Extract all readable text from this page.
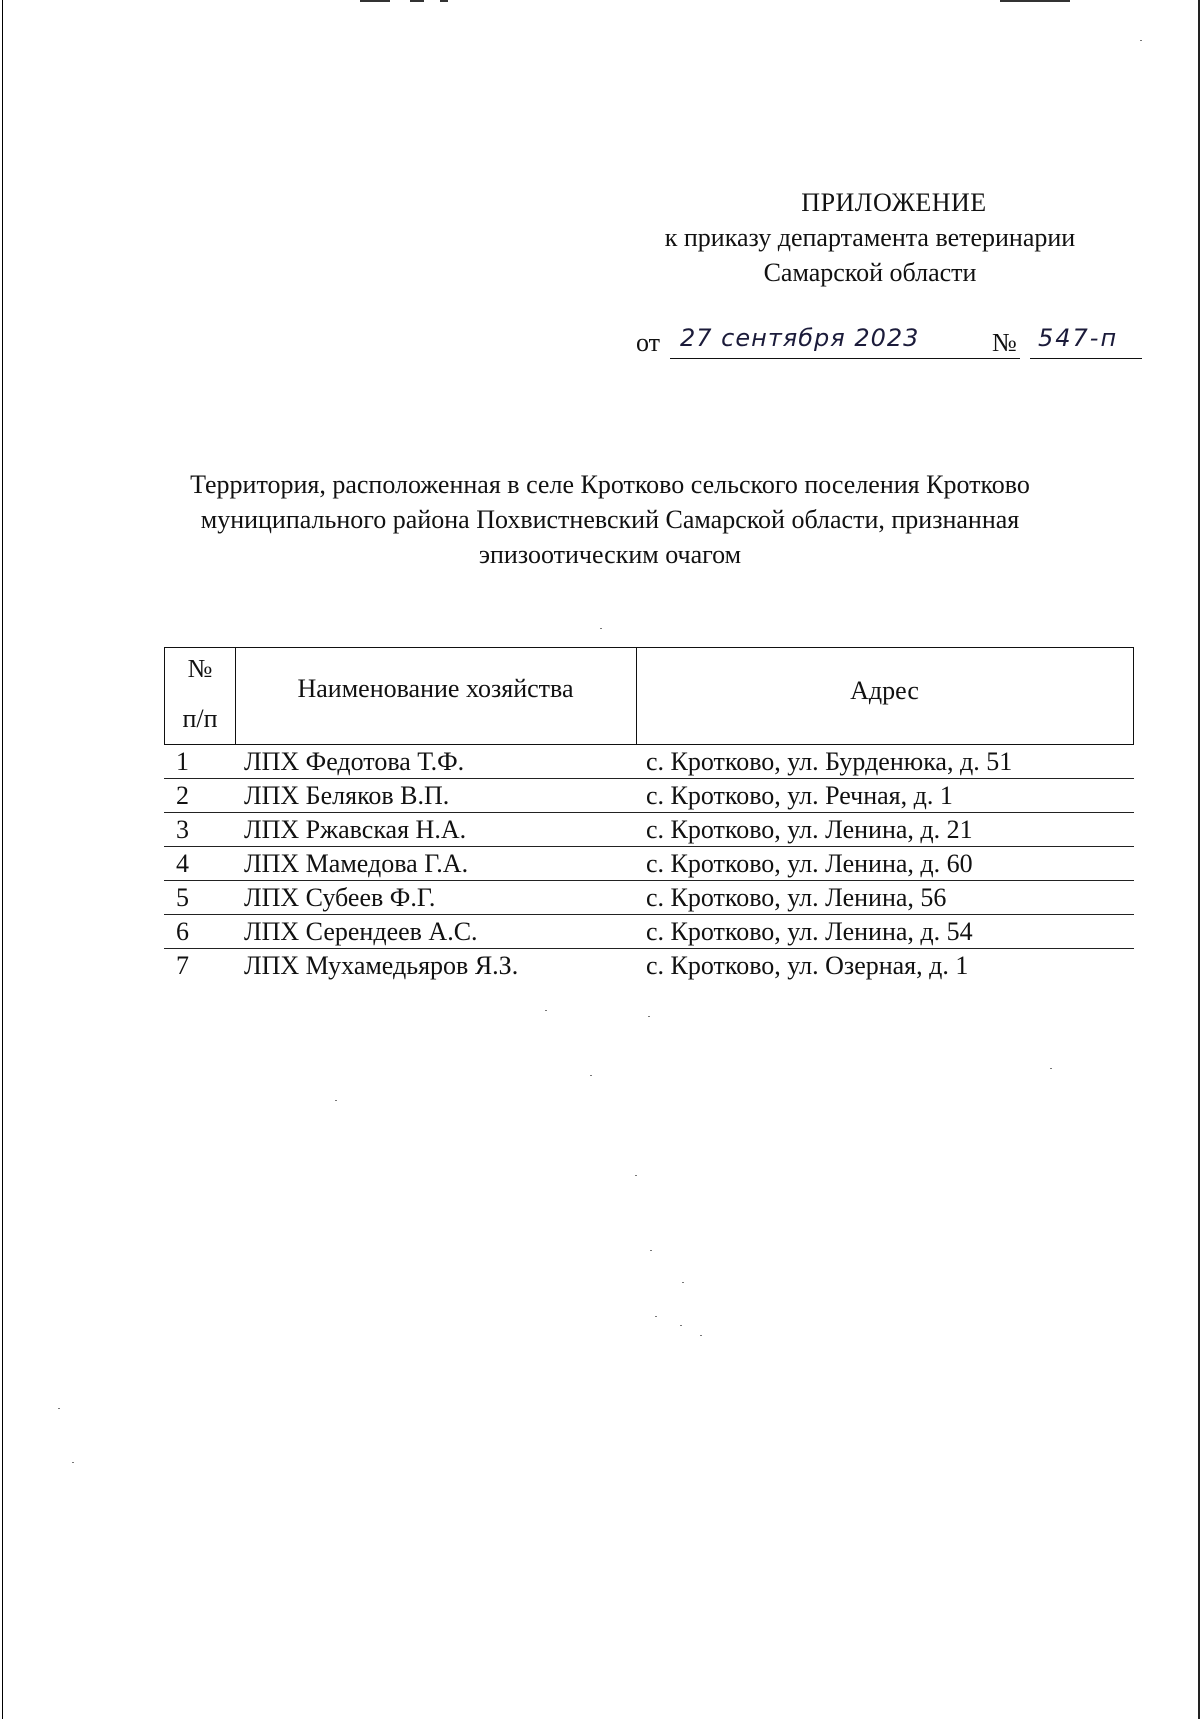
ПРИЛОЖЕНИЕ
к приказу департамента ветеринарии
Самарской области
от 27 сентября 2023	№ 547-п
Территория, расположенная в селе Кротково сельского поселения Кротково
муниципального района Похвистневский Самарской области, признанная
эпизоотическим очагом
№
п/п
Наименование хозяйства	Адрес
1 ЛПХ Федотова Т.Ф.	с. Кротково, ул. Бурденюка, д. 51
2 ЛПХ Беляков В.П.	с. Кротково, ул. Речная, д. 1
3 ЛПХ Ржавская Н.А.	с. Кротково, ул. Ленина, д. 21
4 ЛПХ Мамедова Г.А.	с. Кротково, ул. Ленина, д. 60
5 ЛПХ Субеев Ф.Г.	с. Кротково, ул. Ленина, 56
6 ЛПХ Серендеев А.С.	с. Кротково, ул. Ленина, д. 54
7 ЛПХ Мухамедьяров Я.З.	с. Кротково, ул. Озерная, д. 1
